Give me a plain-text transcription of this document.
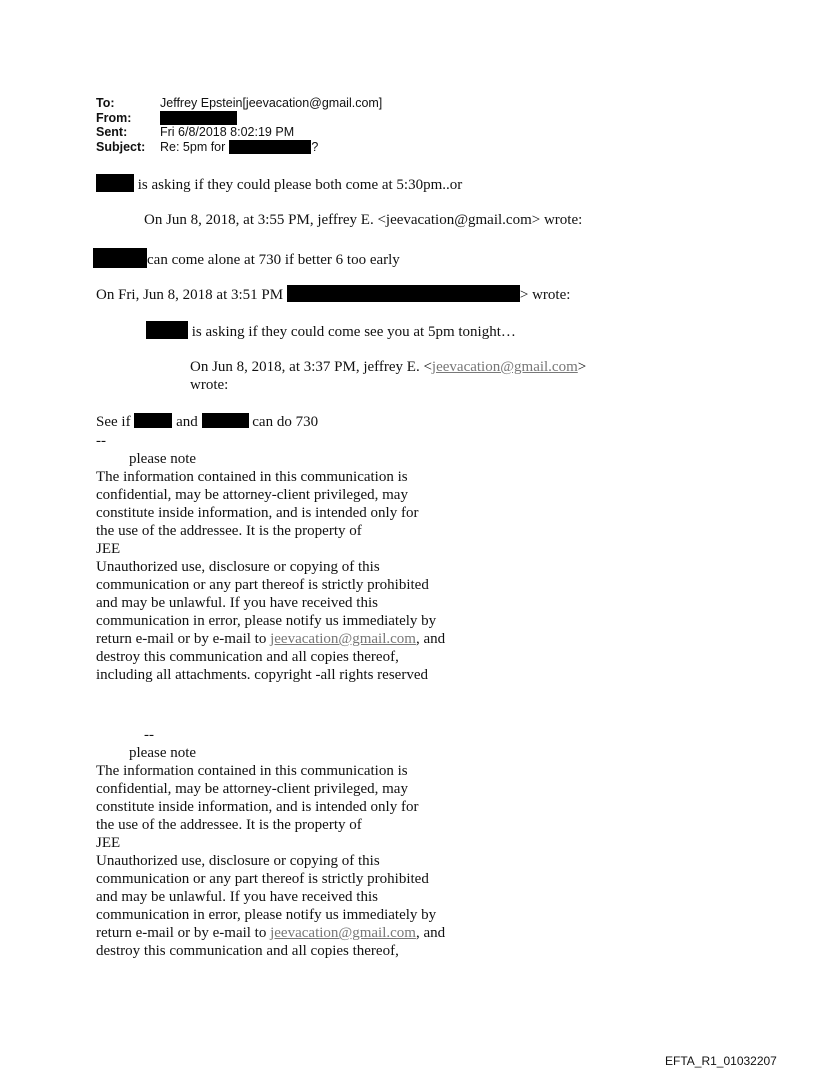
To:	Jeffrey Epstein[jeevacation@gmail.com]
From:
Sent:	Fri 6/8/2018 8:02:19 PM
Subject:	Re: 5pm for	?
is asking if they could please both come at 5:30pm..or
On Jun 8, 2018, at 3:55 PM, jeffrey E. <jeevacation@gmail.com> wrote:
can come alone at 730 if better 6 too early
On Fri, Jun 8, 2018 at 3:51 PM	> wrote:
is asking if they could come see you at 5pm tonight…
On Jun 8, 2018, at 3:37 PM, jeffrey E. <jeevacation@gmail.com>
wrote:
See if	and	can do 730
--
please note
The information contained in this communication is
confidential, may be attorney-client privileged, may
constitute inside information, and is intended only for
the use of the addressee. It is the property of
JEE
Unauthorized use, disclosure or copying of this
communication or any part thereof is strictly prohibited
and may be unlawful. If you have received this
communication in error, please notify us immediately by
return e-mail or by e-mail to jeevacation@gmail.com, and
destroy this communication and all copies thereof,
including all attachments. copyright -all rights reserved
--
please note
The information contained in this communication is
confidential, may be attorney-client privileged, may
constitute inside information, and is intended only for
the use of the addressee. It is the property of
JEE
Unauthorized use, disclosure or copying of this
communication or any part thereof is strictly prohibited
and may be unlawful. If you have received this
communication in error, please notify us immediately by
return e-mail or by e-mail to jeevacation@gmail.com, and
destroy this communication and all copies thereof,
EFTA_R1_01032207
